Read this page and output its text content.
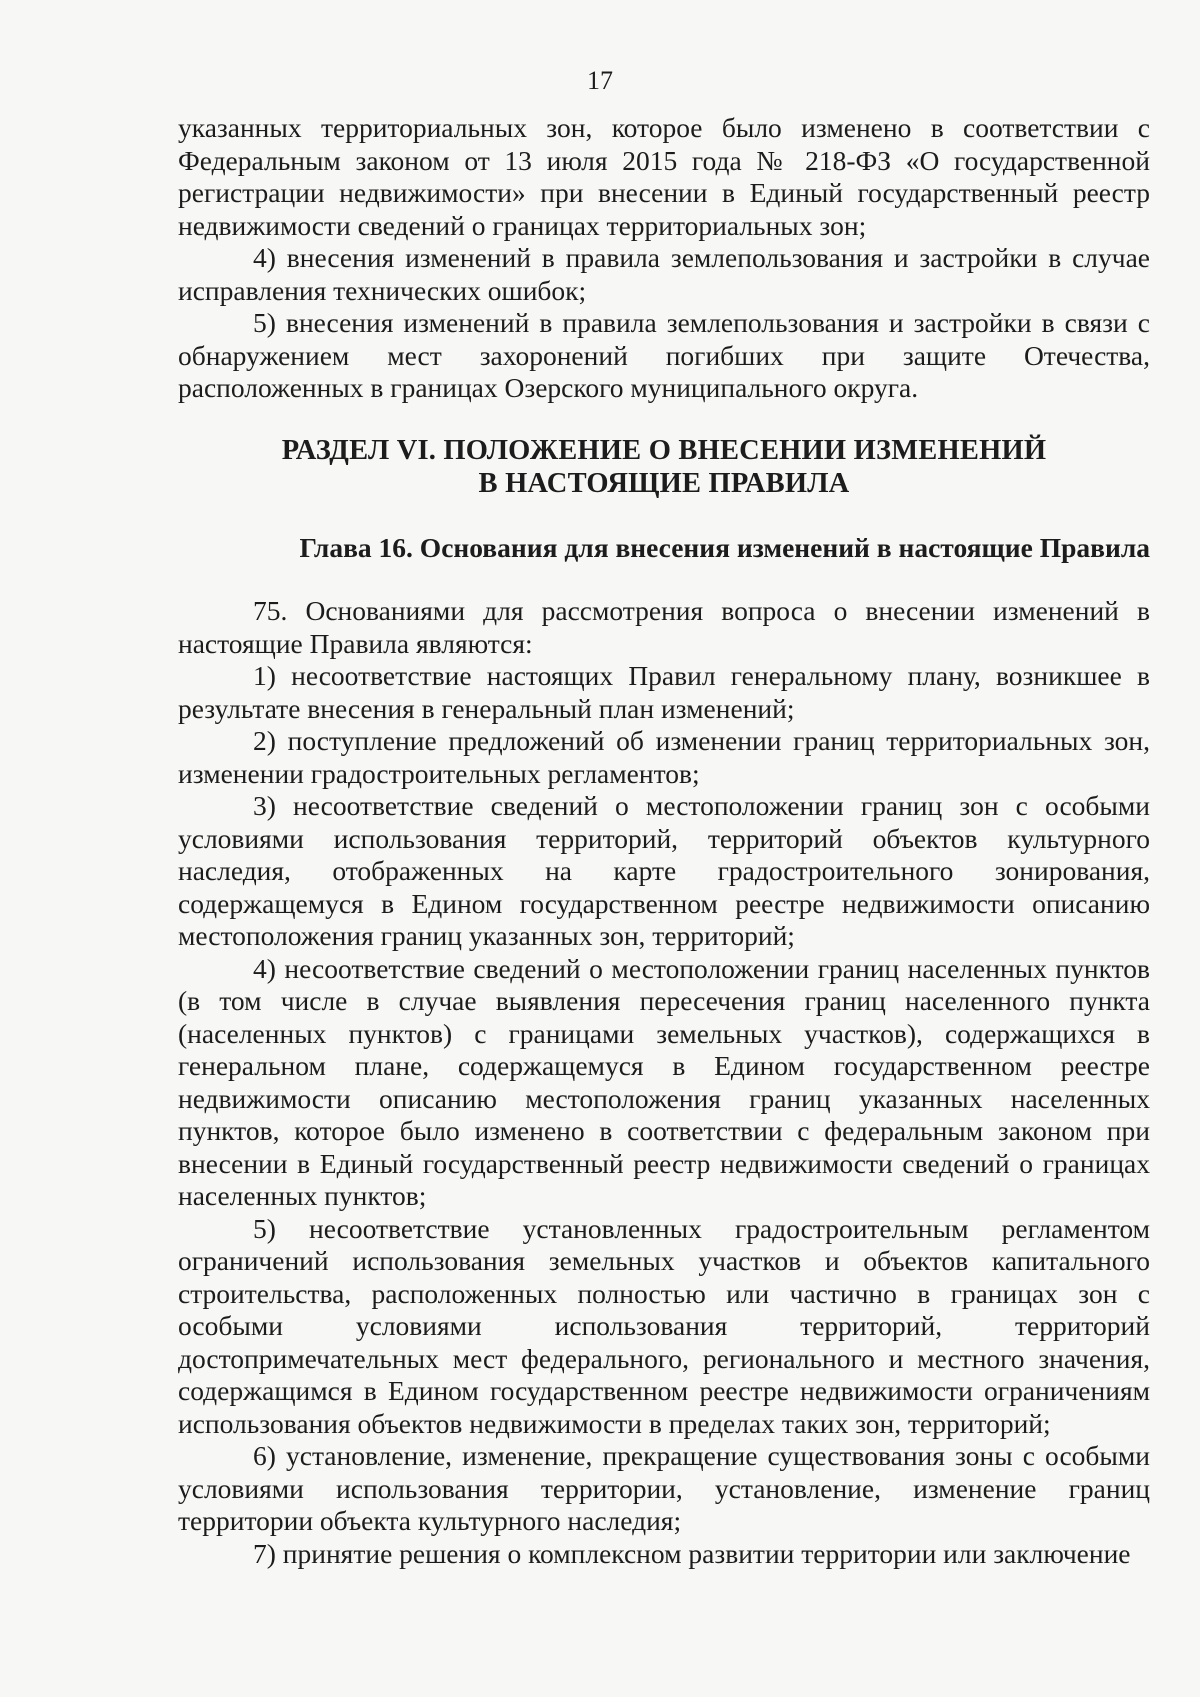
17

указанных территориальных зон, которое было изменено в соответствии с Федеральным законом от 13 июля 2015 года № 218-ФЗ «О государственной регистрации недвижимости» при внесении в Единый государственный реестр недвижимости сведений о границах территориальных зон;

4) внесения изменений в правила землепользования и застройки в случае исправления технических ошибок;

5) внесения изменений в правила землепользования и застройки в связи с обнаружением мест захоронений погибших при защите Отечества, расположенных в границах Озерского муниципального округа.

РАЗДЕЛ VI. ПОЛОЖЕНИЕ О ВНЕСЕНИИ ИЗМЕНЕНИЙ
В НАСТОЯЩИЕ ПРАВИЛА
Глава 16. Основания для внесения изменений в настоящие Правила

75. Основаниями для рассмотрения вопроса о внесении изменений в настоящие Правила являются:

1) несоответствие настоящих Правил генеральному плану, возникшее в результате внесения в генеральный план изменений;

2) поступление предложений об изменении границ территориальных зон, изменении градостроительных регламентов;

3) несоответствие сведений о местоположении границ зон с особыми условиями использования территорий, территорий объектов культурного наследия, отображенных на карте градостроительного зонирования, содержащемуся в Едином государственном реестре недвижимости описанию местоположения границ указанных зон, территорий;

4) несоответствие сведений о местоположении границ населенных пунктов (в том числе в случае выявления пересечения границ населенного пункта (населенных пунктов) с границами земельных участков), содержащихся в генеральном плане, содержащемуся в Едином государственном реестре недвижимости описанию местоположения границ указанных населенных пунктов, которое было изменено в соответствии с федеральным законом при внесении в Единый государственный реестр недвижимости сведений о границах населенных пунктов;

5) несоответствие установленных градостроительным регламентом ограничений использования земельных участков и объектов капитального строительства, расположенных полностью или частично в границах зон с особыми условиями использования территорий, территорий достопримечательных мест федерального, регионального и местного значения, содержащимся в Едином государственном реестре недвижимости ограничениям использования объектов недвижимости в пределах таких зон, территорий;

6) установление, изменение, прекращение существования зоны с особыми условиями использования территории, установление, изменение границ территории объекта культурного наследия;

7) принятие решения о комплексном развитии территории или заключение
